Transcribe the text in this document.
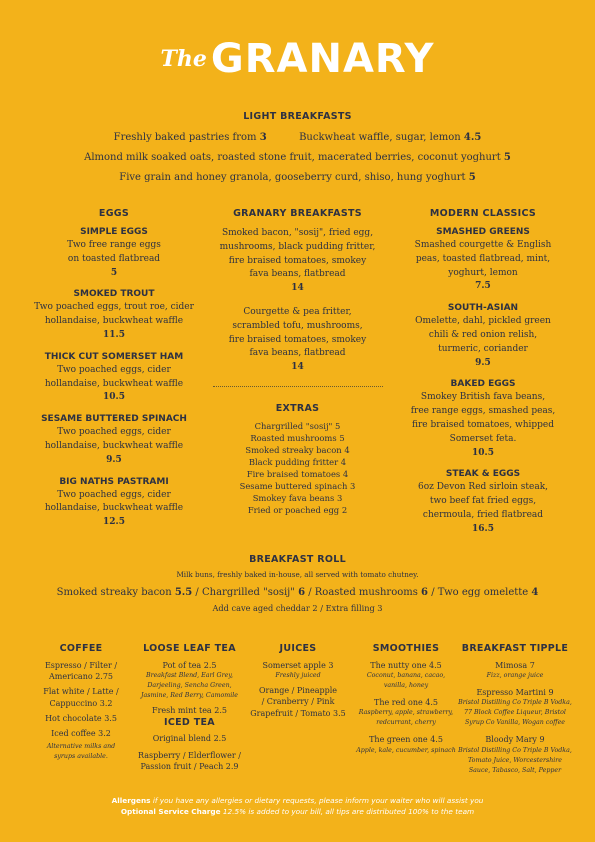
The GRANARY
LIGHT BREAKFASTS
Freshly baked pastries from 3	Buckwheat waffle, sugar, lemon 4.5
Almond milk soaked oats, roasted stone fruit, macerated berries, coconut yoghurt 5
Five grain and honey granola, gooseberry curd, shiso, hung yoghurt 5
EGGS
SIMPLE EGGS
Two free range eggs
on toasted flatbread
5
SMOKED TROUT
Two poached eggs, trout roe, cider
hollandaise, buckwheat waffle
11.5
THICK CUT SOMERSET HAM
Two poached eggs, cider
hollandaise, buckwheat waffle
10.5
SESAME BUTTERED SPINACH
Two poached eggs, cider
hollandaise, buckwheat waffle
9.5
BIG NATHS PASTRAMI
Two poached eggs, cider
hollandaise, buckwheat waffle
12.5
GRANARY BREAKFASTS
Smoked bacon, "sosij", fried egg,
mushrooms, black pudding fritter,
fire braised tomatoes, smokey
fava beans, flatbread
14
Courgette & pea fritter,
scrambled tofu, mushrooms,
fire braised tomatoes, smokey
fava beans, flatbread
14
EXTRAS
Chargrilled "sosij" 5
Roasted mushrooms 5
Smoked streaky bacon 4
Black pudding fritter 4
Fire braised tomatoes 4
Sesame buttered spinach 3
Smokey fava beans 3
Fried or poached egg 2
MODERN CLASSICS
SMASHED GREENS
Smashed courgette & English
peas, toasted flatbread, mint,
yoghurt, lemon
7.5
SOUTH-ASIAN
Omelette, dahl, pickled green
chili & red onion relish,
turmeric, coriander
9.5
BAKED EGGS
Smokey British fava beans,
free range eggs, smashed peas,
fire braised tomatoes, whipped
Somerset feta.
10.5
STEAK & EGGS
6oz Devon Red sirloin steak,
two beef fat fried eggs,
chermoula, fried flatbread
16.5
BREAKFAST ROLL
Milk buns, freshly baked in-house, all served with tomato chutney.
Smoked streaky bacon 5.5 / Chargrilled "sosij" 6 / Roasted mushrooms 6 / Two egg omelette 4
Add cave aged cheddar 2 / Extra filling 3
COFFEE
Espresso / Filter /
Americano 2.75
Flat white / Latte /
Cappuccino 3.2
Hot chocolate 3.5
Iced coffee 3.2
Alternative milks and
syrups available.
LOOSE LEAF TEA
Pot of tea 2.5
Breakfast Blend, Earl Grey,
Darjeeling, Sencha Green,
Jasmine, Red Berry, Camomile
Fresh mint tea 2.5
ICED TEA
Original blend 2.5
Raspberry / Elderflower /
Passion fruit / Peach 2.9
JUICES
Somerset apple 3
Freshly juiced
Orange / Pineapple
/ Cranberry / Pink
Grapefruit / Tomato 3.5
SMOOTHIES
The nutty one 4.5
Coconut, banana, cacao,
vanilla, honey
The red one 4.5
Raspberry, apple, strawberry,
redcurrant, cherry
The green one 4.5
Apple, kale, cucumber, spinach
BREAKFAST TIPPLE
Mimosa 7
Fizz, orange juice
Espresso Martini 9
Bristol Distilling Co Triple B Vodka,
77 Block Coffee Liqueur, Bristol
Syrup Co Vanilla, Wogan coffee
Bloody Mary 9
Bristol Distilling Co Triple B Vodka,
Tomato Juice, Worcestershire
Sauce, Tabasco, Salt, Pepper
Allergens if you have any allergies or dietary requests, please inform your waiter who will assist you
Optional Service Charge 12.5% is added to your bill, all tips are distributed 100% to the team
